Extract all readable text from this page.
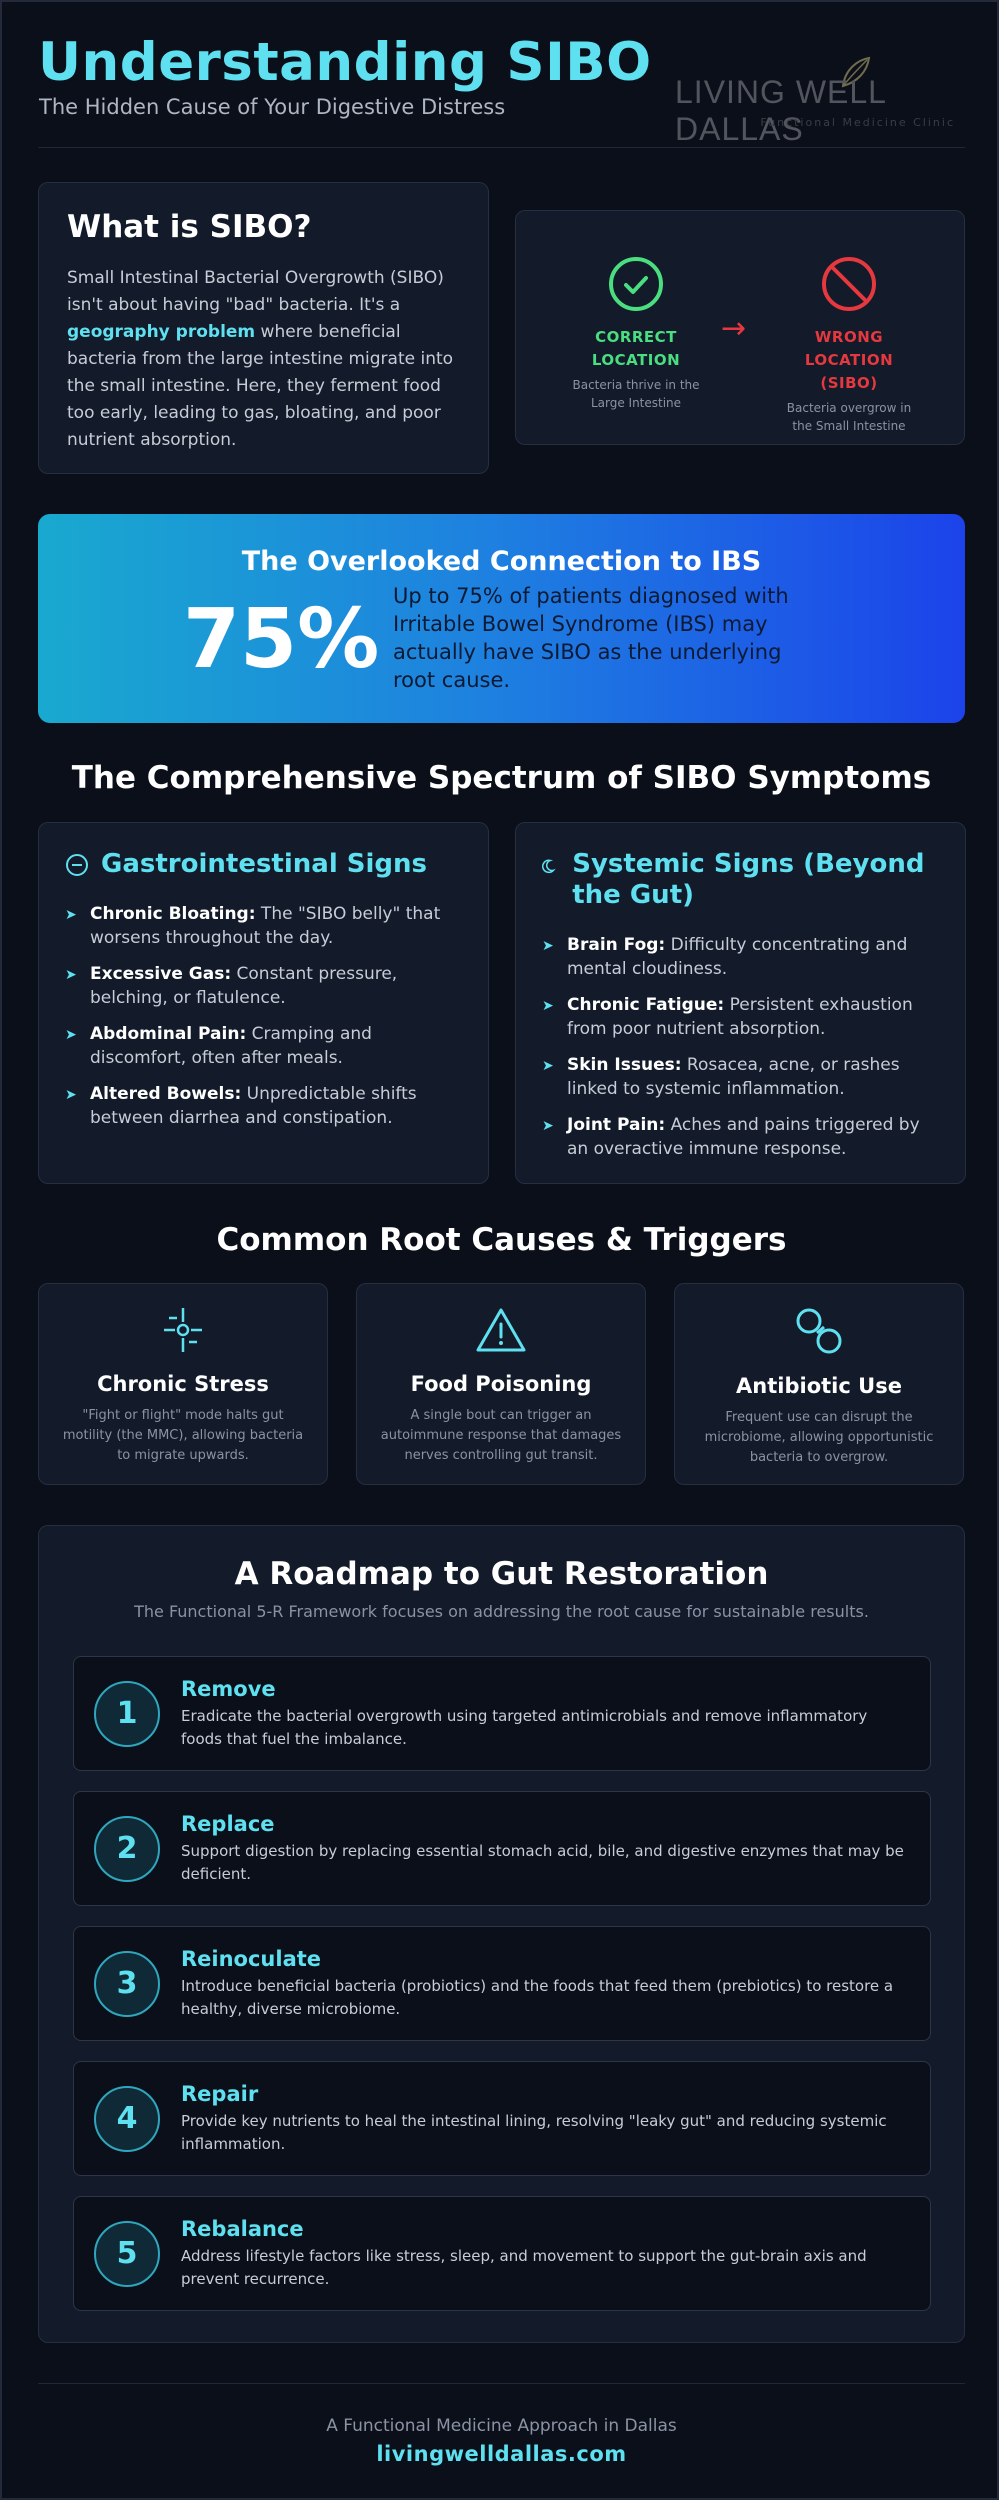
Understanding SIBO
The Hidden Cause of Your Digestive Distress	LIVING WELL DALLAS
Functional Medicine Clinic
What is SIBO?

Small Intestinal Bacterial Overgrowth (SIBO) isn't about having "bad" bacteria. It's a geography problem where beneficial bacteria from the large intestine migrate into the small intestine. Here, they ferment food too early, leading to gas, bloating, and poor nutrient absorption.

CORRECT LOCATION
Bacteria thrive in the Large Intestine
→	WRONG LOCATION (SIBO)
Bacteria overgrow in the Small Intestine
The Overlooked Connection to IBS
75% Up to 75% of patients diagnosed with Irritable Bowel Syndrome (IBS) may actually have SIBO as the underlying root cause.
The Comprehensive Spectrum of SIBO Symptoms
Gastrointestinal Signs
➤ Chronic Bloating: The "SIBO belly" that worsens throughout the day.
➤ Excessive Gas: Constant pressure, belching, or flatulence.
➤ Abdominal Pain: Cramping and discomfort, often after meals.
➤ Altered Bowels: Unpredictable shifts between diarrhea and constipation.
Systemic Signs (Beyond the Gut)
➤ Brain Fog: Difficulty concentrating and mental cloudiness.
➤ Chronic Fatigue: Persistent exhaustion from poor nutrient absorption.
➤ Skin Issues: Rosacea, acne, or rashes linked to systemic inflammation.
➤ Joint Pain: Aches and pains triggered by an overactive immune response.
Common Root Causes & Triggers
Chronic Stress

"Fight or flight" mode halts gut motility (the MMC), allowing bacteria to migrate upwards.

Food Poisoning

A single bout can trigger an autoimmune response that damages nerves controlling gut transit.

Antibiotic Use

Frequent use can disrupt the microbiome, allowing opportunistic bacteria to overgrow.

A Roadmap to Gut Restoration
The Functional 5-R Framework focuses on addressing the root cause for sustainable results.
1
Remove
Eradicate the bacterial overgrowth using targeted antimicrobials and remove inflammatory foods that fuel the imbalance.
2
Replace
Support digestion by replacing essential stomach acid, bile, and digestive enzymes that may be deficient.
3
Reinoculate
Introduce beneficial bacteria (probiotics) and the foods that feed them (prebiotics) to restore a healthy, diverse microbiome.
4
Repair
Provide key nutrients to heal the intestinal lining, resolving "leaky gut" and reducing systemic inflammation.
5
Rebalance
Address lifestyle factors like stress, sleep, and movement to support the gut-brain axis and prevent recurrence.
A Functional Medicine Approach in Dallas
livingwelldallas.com
